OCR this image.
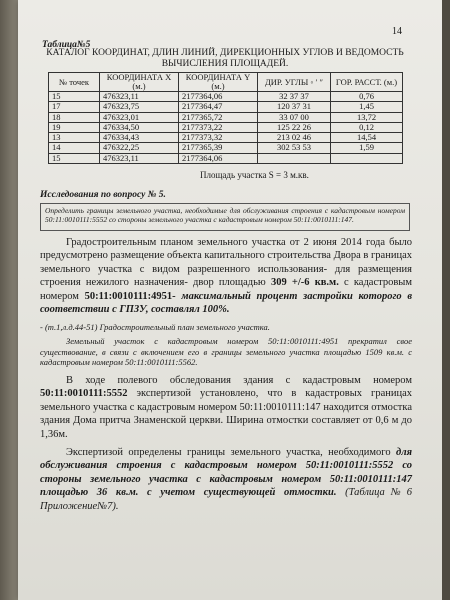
14
Таблица№5
КАТАЛОГ КООРДИНАТ, ДЛИН ЛИНИЙ, ДИРЕКЦИОННЫХ УГЛОВ И ВЕДОМОСТЬ ВЫЧИСЛЕНИЯ ПЛОЩАДЕЙ.
№ точек	КООРДИНАТА X (м.)	КООРДИНАТА Y (м.)	ДИР. УГЛЫ ◦ ′ ″	ГОР. РАССТ. (м.)
15	476323,11	2177364,06	32 37 37	0,76
17	476323,75	2177364,47	120 37 31	1,45
18	476323,01	2177365,72	33 07 00	13,72
19	476334,50	2177373,22	125 22 26	0,12
13	476334,43	2177373,32	213 02 46	14,54
14	476322,25	2177365,39	302 53 53	1,59
15	476323,11	2177364,06		
Площадь участка S = 3 м.кв.
Исследования по вопросу № 5.
Определить границы земельного участка, необходимые для обслуживания строения с кадастровым номером 50:11:0010111:5552 со стороны земельного участка с кадастровым номером 50:11:0010111:147.
Градостроительным планом земельного участка от 2 июня 2014 года было предусмотрено размещение объекта капитального строительства Двора в границах земельного участка с видом разрешенного использования- для размещения строения нежилого назначения- двор площадью 309 +/-6 кв.м. с кадастровым номером 50:11:0010111:4951- максимальный процент застройки которого в соответствии с ГПЗУ, составлял 100%.
- (т.1,л.д.44-51) Градостроительный план земельного участка.
Земельный участок с кадастровым номером 50:11:0010111:4951 прекратил свое существование, в связи с включением его в границы земельного участка площадью 1509 кв.м. с кадастровым номером 50:11:0010111:5562.
В ходе полевого обследования здания с кадастровым номером 50:11:0010111:5552 экспертизой установлено, что в кадастровых границах земельного участка с кадастровым номером 50:11:0010111:147 находится отмостка здания Дома притча Знаменской церкви. Ширина отмостки составляет от 0,6 м до 1,36м.
Экспертизой определены границы земельного участка, необходимого для обслуживания строения с кадастровым номером 50:11:0010111:5552 со стороны земельного участка с кадастровым номером 50:11:0010111:147 площадью 36 кв.м. с учетом существующей отмостки. (Таблица№6 Приложение№7).
